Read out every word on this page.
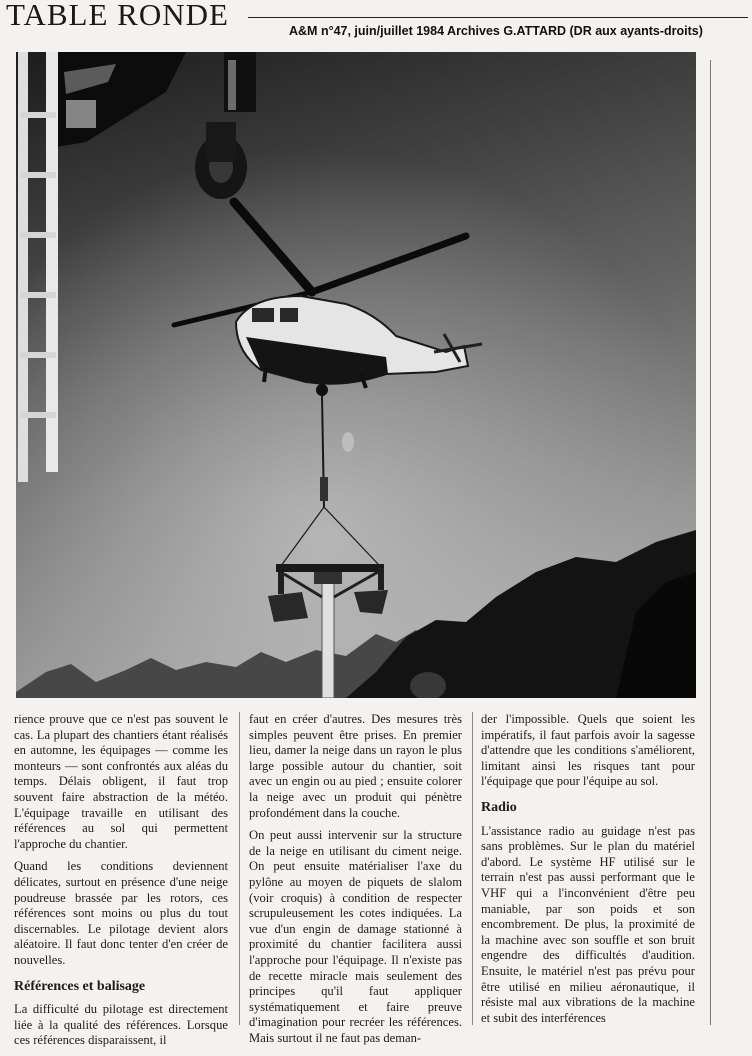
TABLE RONDE	A&M n°47, juin/juillet 1984 Archives G.ATTARD (DR aux ayants-droits)

rience prouve que ce n'est pas souvent le cas. La plupart des chantiers étant réalisés en automne, les équipages — comme les monteurs — sont confrontés aux aléas du temps. Délais obligent, il faut trop souvent faire abstraction de la météo. L'équipage travaille en utilisant des références au sol qui permettent l'approche du chantier.

Quand les conditions deviennent délicates, surtout en présence d'une neige poudreuse brassée par les rotors, ces références sont moins ou plus du tout discernables. Le pilotage devient alors aléatoire. Il faut donc tenter d'en créer de nouvelles.

Références et balisage

La difficulté du pilotage est directement liée à la qualité des références. Lorsque ces références disparaissent, il

faut en créer d'autres. Des mesures très simples peuvent être prises. En premier lieu, damer la neige dans un rayon le plus large possible autour du chantier, soit avec un engin ou au pied ; ensuite colorer la neige avec un produit qui pénètre profondément dans la couche.

On peut aussi intervenir sur la structure de la neige en utilisant du ciment neige. On peut ensuite matérialiser l'axe du pylône au moyen de piquets de slalom (voir croquis) à condition de respecter scrupuleusement les cotes indiquées. La vue d'un engin de damage stationné à proximité du chantier facilitera aussi l'approche pour l'équipage. Il n'existe pas de recette miracle mais seulement des principes qu'il faut appliquer systématiquement et faire preuve d'imagination pour recréer les références. Mais surtout il ne faut pas deman-

der l'impossible. Quels que soient les impératifs, il faut parfois avoir la sagesse d'attendre que les conditions s'améliorent, limitant ainsi les risques tant pour l'équipage que pour l'équipe au sol.

Radio

L'assistance radio au guidage n'est pas sans problèmes. Sur le plan du matériel d'abord. Le système HF utilisé sur le terrain n'est pas aussi performant que le VHF qui a l'inconvénient d'être peu maniable, par son poids et son encombrement. De plus, la proximité de la machine avec son souffle et son bruit engendre des difficultés d'audition. Ensuite, le matériel n'est pas prévu pour être utilisé en milieu aéronautique, il résiste mal aux vibrations de la machine et subit des interférences
